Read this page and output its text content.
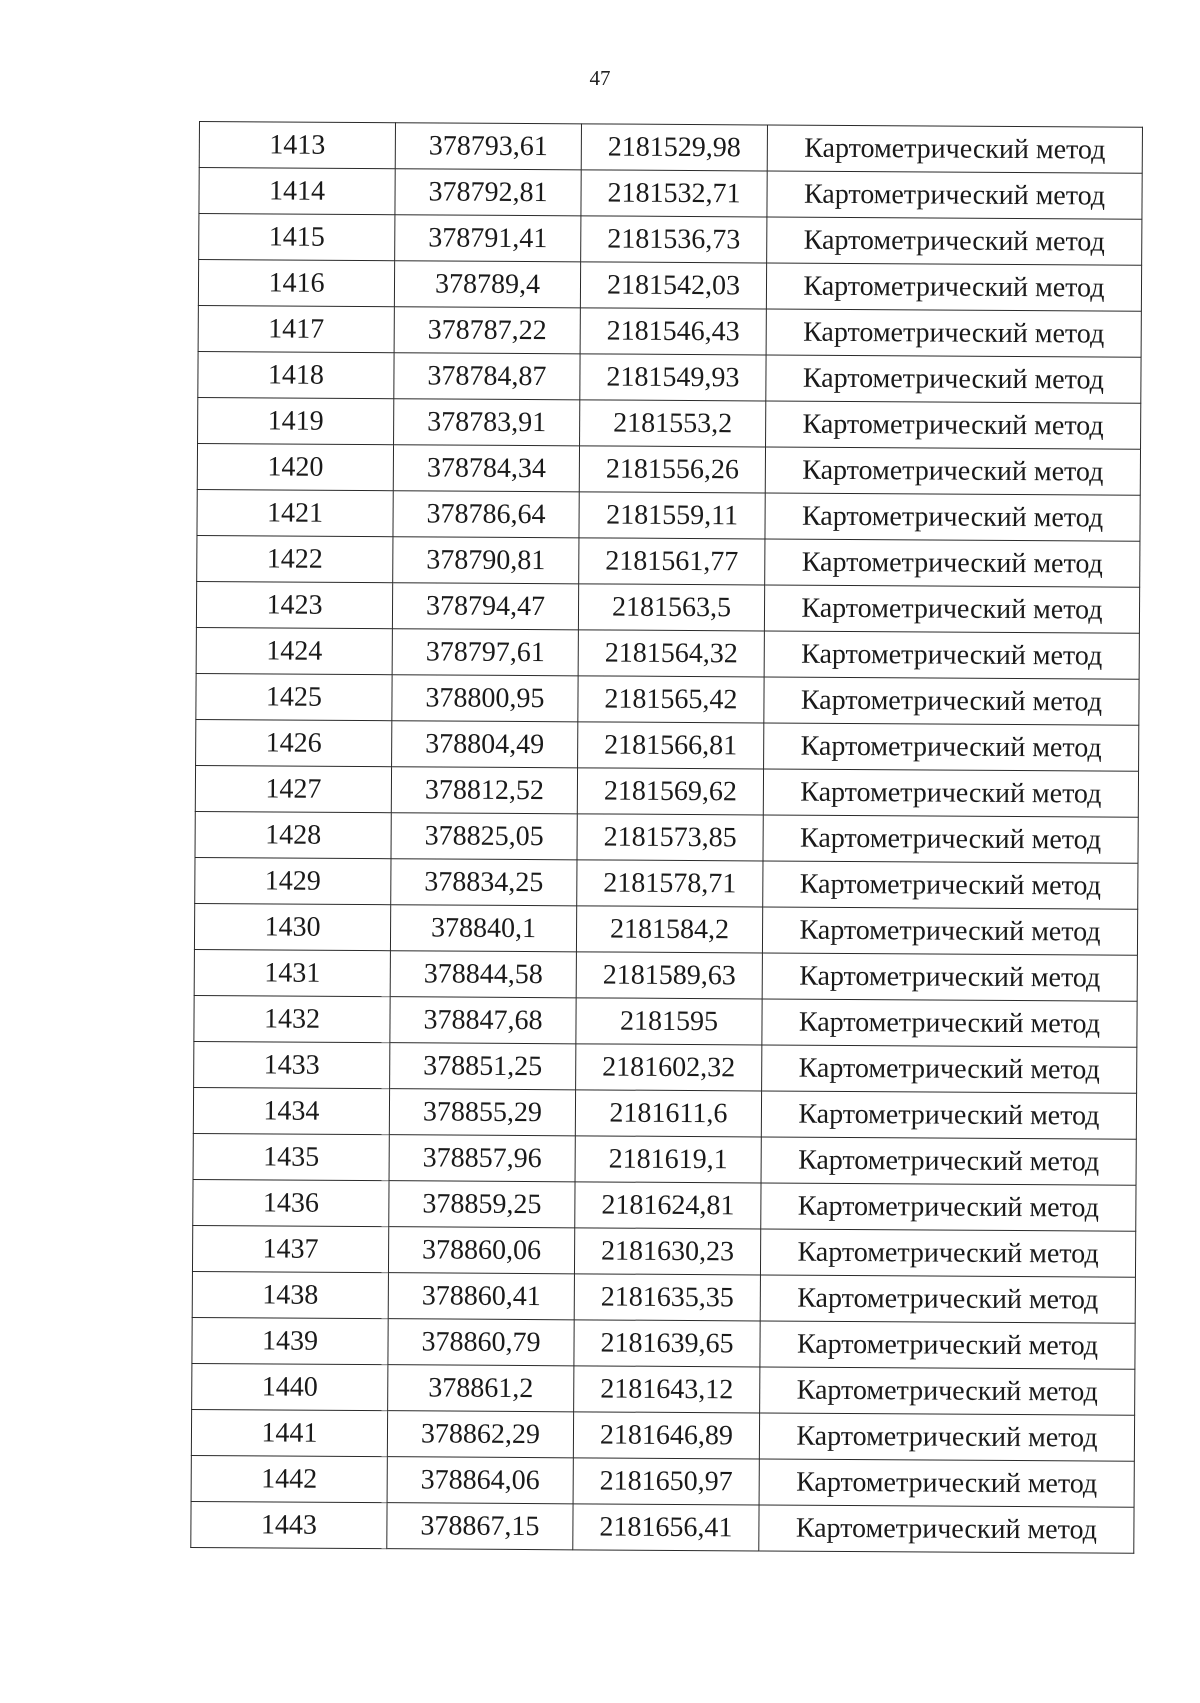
47
1413	378793,61	2181529,98	Картометрический метод
1414	378792,81	2181532,71	Картометрический метод
1415	378791,41	2181536,73	Картометрический метод
1416	378789,4	2181542,03	Картометрический метод
1417	378787,22	2181546,43	Картометрический метод
1418	378784,87	2181549,93	Картометрический метод
1419	378783,91	2181553,2	Картометрический метод
1420	378784,34	2181556,26	Картометрический метод
1421	378786,64	2181559,11	Картометрический метод
1422	378790,81	2181561,77	Картометрический метод
1423	378794,47	2181563,5	Картометрический метод
1424	378797,61	2181564,32	Картометрический метод
1425	378800,95	2181565,42	Картометрический метод
1426	378804,49	2181566,81	Картометрический метод
1427	378812,52	2181569,62	Картометрический метод
1428	378825,05	2181573,85	Картометрический метод
1429	378834,25	2181578,71	Картометрический метод
1430	378840,1	2181584,2	Картометрический метод
1431	378844,58	2181589,63	Картометрический метод
1432	378847,68	2181595	Картометрический метод
1433	378851,25	2181602,32	Картометрический метод
1434	378855,29	2181611,6	Картометрический метод
1435	378857,96	2181619,1	Картометрический метод
1436	378859,25	2181624,81	Картометрический метод
1437	378860,06	2181630,23	Картометрический метод
1438	378860,41	2181635,35	Картометрический метод
1439	378860,79	2181639,65	Картометрический метод
1440	378861,2	2181643,12	Картометрический метод
1441	378862,29	2181646,89	Картометрический метод
1442	378864,06	2181650,97	Картометрический метод
1443	378867,15	2181656,41	Картометрический метод
